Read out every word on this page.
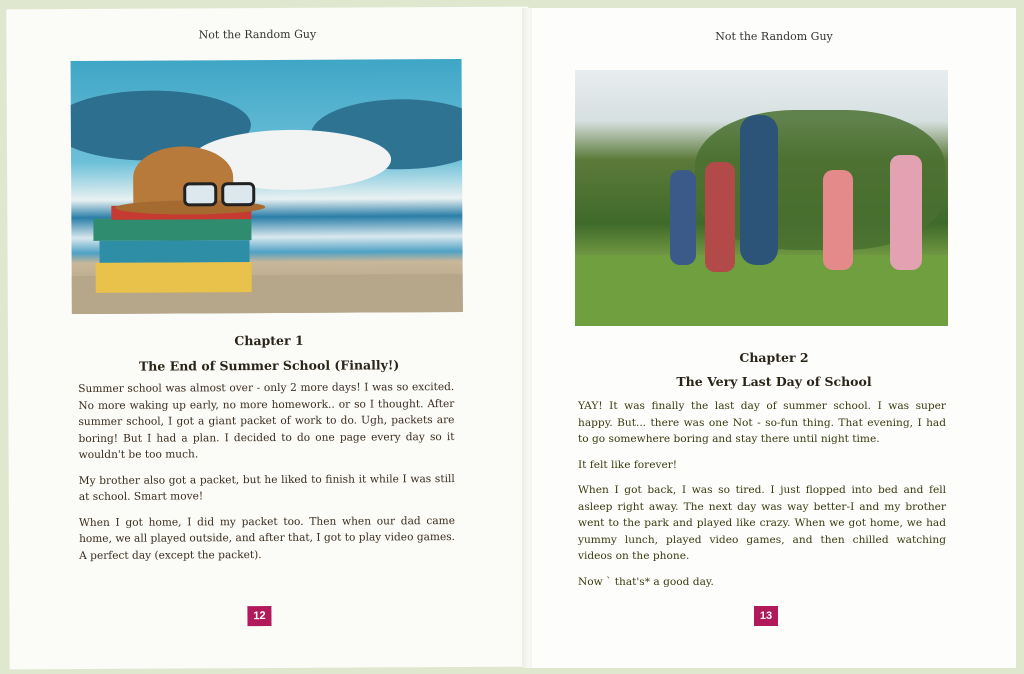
Not the Random Guy
Chapter 1
The End of Summer School (Finally!)

Summer school was almost over - only 2 more days! I was so excited. No more waking up early, no more homework.. or so I thought. After summer school, I got a giant packet of work to do. Ugh, packets are boring! But I had a plan. I decided to do one page every day so it wouldn't be too much.

My brother also got a packet, but he liked to finish it while I was still at school. Smart move!

When I got home, I did my packet too. Then when our dad came home, we all played outside, and after that, I got to play video games. A perfect day (except the packet).

12
Not the Random Guy
Chapter 2
The Very Last Day of School

YAY! It was finally the last day of summer school. I was super happy. But... there was one Not - so-fun thing. That evening, I had to go somewhere boring and stay there until night time.

It felt like forever!

When I got back, I was so tired. I just flopped into bed and fell asleep right away. The next day was way better-I and my brother went to the park and played like crazy. When we got home, we had yummy lunch, played video games, and then chilled watching videos on the phone.

Now ` that's* a good day.

13
